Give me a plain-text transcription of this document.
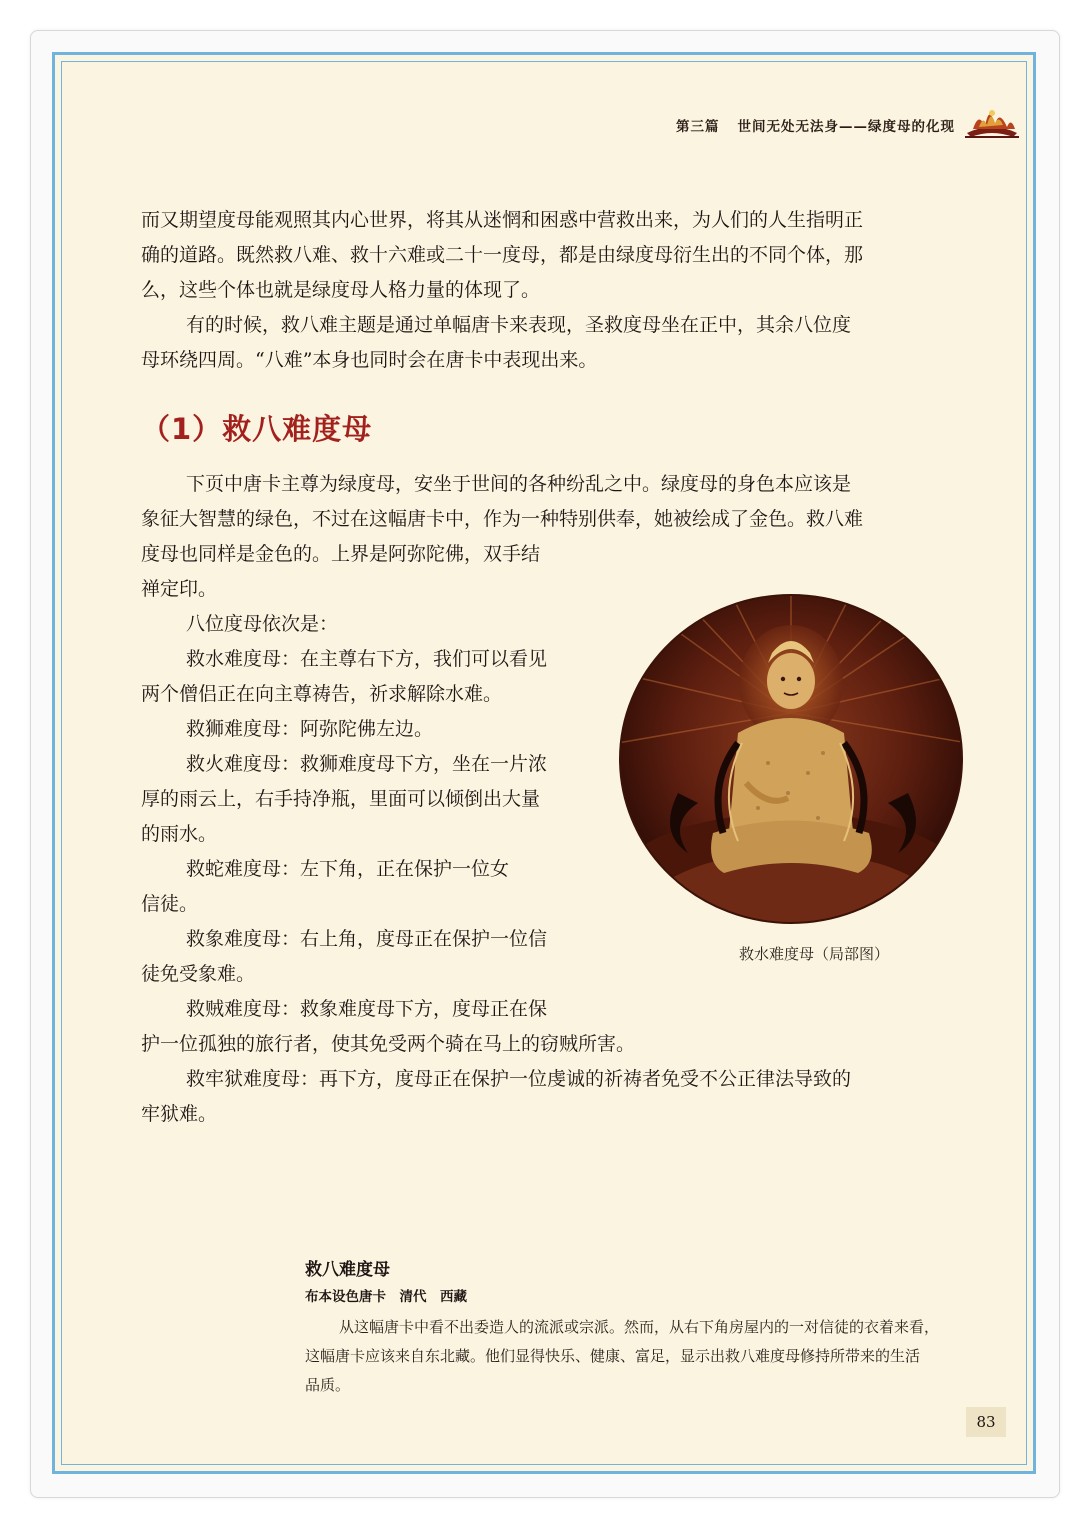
第三篇 世间无处无法身——绿度母的化现

而又期望度母能观照其内心世界，将其从迷惘和困惑中营救出来，为人们的人生指明正

确的道路。既然救八难、救十六难或二十一度母，都是由绿度母衍生出的不同个体，那

么，这些个体也就是绿度母人格力量的体现了。

有的时候，救八难主题是通过单幅唐卡来表现，圣救度母坐在正中，其余八位度

母环绕四周。“八难”本身也同时会在唐卡中表现出来。

（1）救八难度母

下页中唐卡主尊为绿度母，安坐于世间的各种纷乱之中。绿度母的身色本应该是

象征大智慧的绿色，不过在这幅唐卡中，作为一种特别供奉，她被绘成了金色。救八难

度母也同样是金色的。上界是阿弥陀佛，双手结

禅定印。

八位度母依次是：

救水难度母：在主尊右下方，我们可以看见

两个僧侣正在向主尊祷告，祈求解除水难。

救狮难度母：阿弥陀佛左边。

救火难度母：救狮难度母下方，坐在一片浓

厚的雨云上，右手持净瓶，里面可以倾倒出大量

的雨水。

救蛇难度母：左下角，正在保护一位女

信徒。

救象难度母：右上角，度母正在保护一位信

徒免受象难。

救贼难度母：救象难度母下方，度母正在保

护一位孤独的旅行者，使其免受两个骑在马上的窃贼所害。

救牢狱难度母：再下方，度母正在保护一位虔诚的祈祷者免受不公正律法导致的

牢狱难。

救水难度母（局部图）
救八难度母
布本设色唐卡　清代　西藏
从这幅唐卡中看不出委造人的流派或宗派。然而，从右下角房屋内的一对信徒的衣着来看，
这幅唐卡应该来自东北藏。他们显得快乐、健康、富足，显示出救八难度母修持所带来的生活
品质。
83
